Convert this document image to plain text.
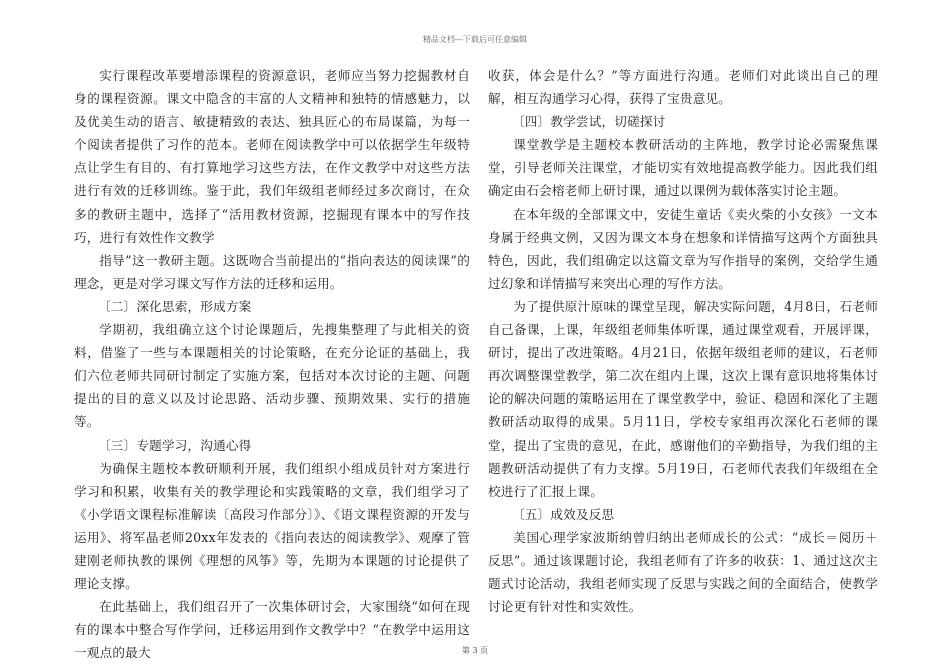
精品文档---下载后可任意编辑

实行课程改革要增添课程的资源意识，老师应当努力挖掘教材自身的课程资源。课文中隐含的丰富的人文精神和独特的情感魅力，以及优美生动的语言、敏捷精致的表达、独具匠心的布局谋篇，为每一个阅读者提供了习作的范本。老师在阅读教学中可以依据学生年级特点让学生有目的、有打算地学习这些方法，在作文教学中对这些方法进行有效的迁移训练。鉴于此，我们年级组老师经过多次商讨，在众多的教研主题中，选择了“活用教材资源，挖掘现有课本中的写作技巧，进行有效性作文教学

指导”这一教研主题。这既吻合当前提出的“指向表达的阅读课”的理念，更是对学习课文写作方法的迁移和运用。

〔二〕深化思索，形成方案

学期初，我组确立这个讨论课题后，先搜集整理了与此相关的资料，借鉴了一些与本课题相关的讨论策略，在充分论证的基础上，我们六位老师共同研讨制定了实施方案，包括对本次讨论的主题、问题提出的目的意义以及讨论思路、活动步骤、预期效果、实行的措施等。

〔三〕专题学习，沟通心得

为确保主题校本教研顺利开展，我们组织小组成员针对方案进行学习和积累，收集有关的教学理论和实践策略的文章，我们组学习了《小学语文课程标准解读〔高段习作部分〕》、《语文课程资源的开发与运用》、将军晶老师20xx年发表的《指向表达的阅读教学》、观摩了管建刚老师执教的课例《理想的风筝》等，先期为本课题的讨论提供了理论支撑。

在此基础上，我们组召开了一次集体研讨会，大家围绕“如何在现有的课本中整合写作学问，迁移运用到作文教学中？“在教学中运用这一观点的最大

收获，体会是什么？”等方面进行沟通。老师们对此谈出自己的理解，相互沟通学习心得，获得了宝贵意见。

〔四〕教学尝试，切磋探讨

课堂教学是主题校本教研活动的主阵地，教学讨论必需聚焦课堂，引导老师关注课堂，才能切实有效地提高教学能力。因此我们组确定由石会榕老师上研讨课，通过以课例为载体落实讨论主题。

在本年级的全部课文中，安徒生童话《卖火柴的小女孩》一文本身属于经典文例，又因为课文本身在想象和详情描写这两个方面独具特色，因此，我们组确定以这篇文章为写作指导的案例，交给学生通过幻象和详情描写来突出心理的写作方法。

为了提供原汁原味的课堂呈现，解决实际问题，4月8日，石老师自己备课，上课，年级组老师集体听课，通过课堂观看，开展评课，研讨，提出了改进策略。4月21日，依据年级组老师的建议，石老师再次调整课堂教学，第二次在组内上课，这次上课有意识地将集体讨论的解决问题的策略运用在了课堂教学中，验证、稳固和深化了主题教研活动取得的成果。5月11日，学校专家组再次深化石老师的课堂，提出了宝贵的意见，在此，感谢他们的辛勤指导，为我们组的主题教研活动提供了有力支撑。5月19日，石老师代表我们年级组在全校进行了汇报上课。

〔五〕成效及反思

美国心理学家波斯纳曾归纳出老师成长的公式：“成长＝阅历＋反思”。通过该课题讨论，我组老师有了许多的收获：1、通过这次主题式讨论活动，我组老师实现了反思与实践之间的全面结合，使教学讨论更有针对性和实效性。

第 3 页
